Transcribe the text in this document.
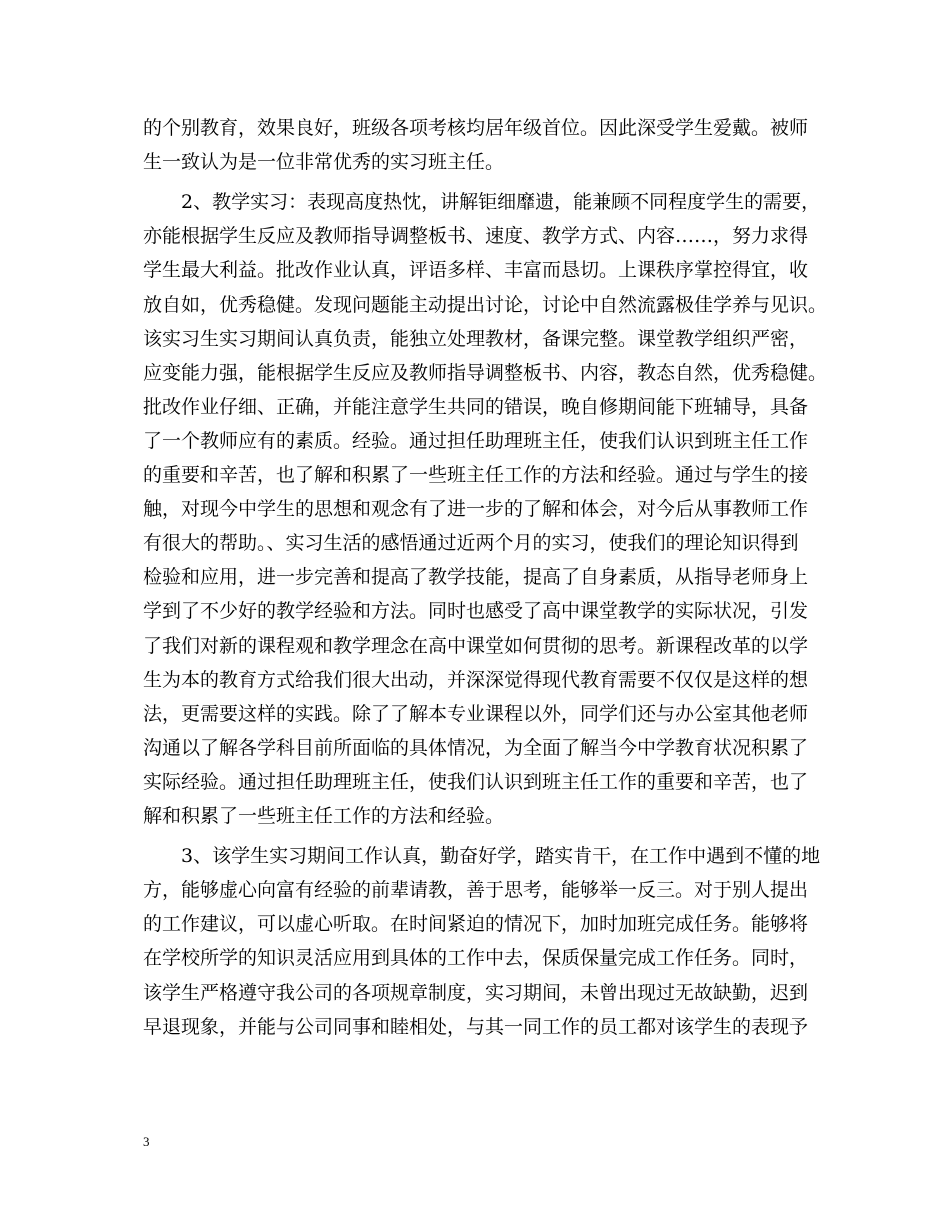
的个别教育，效果良好，班级各项考核均居年级首位。因此深受学生爱戴。被师
生一致认为是一位非常优秀的实习班主任。
　　2、教学实习：表现高度热忱，讲解钜细靡遗，能兼顾不同程度学生的需要，
亦能根据学生反应及教师指导调整板书、速度、教学方式、内容……，努力求得
学生最大利益。批改作业认真，评语多样、丰富而恳切。上课秩序掌控得宜，收
放自如，优秀稳健。发现问题能主动提出讨论，讨论中自然流露极佳学养与见识。
该实习生实习期间认真负责，能独立处理教材，备课完整。课堂教学组织严密，
应变能力强，能根据学生反应及教师指导调整板书、内容，教态自然，优秀稳健。
批改作业仔细、正确，并能注意学生共同的错误，晚自修期间能下班辅导，具备
了一个教师应有的素质。经验。通过担任助理班主任，使我们认识到班主任工作
的重要和辛苦，也了解和积累了一些班主任工作的方法和经验。通过与学生的接
触，对现今中学生的思想和观念有了进一步的了解和体会，对今后从事教师工作
有很大的帮助。、实习生活的感悟通过近两个月的实习，使我们的理论知识得到
检验和应用，进一步完善和提高了教学技能，提高了自身素质，从指导老师身上
学到了不少好的教学经验和方法。同时也感受了高中课堂教学的实际状况，引发
了我们对新的课程观和教学理念在高中课堂如何贯彻的思考。新课程改革的以学
生为本的教育方式给我们很大出动，并深深觉得现代教育需要不仅仅是这样的想
法，更需要这样的实践。除了了解本专业课程以外，同学们还与办公室其他老师
沟通以了解各学科目前所面临的具体情况，为全面了解当今中学教育状况积累了
实际经验。通过担任助理班主任，使我们认识到班主任工作的重要和辛苦，也了
解和积累了一些班主任工作的方法和经验。
　　3、该学生实习期间工作认真，勤奋好学，踏实肯干，在工作中遇到不懂的地
方，能够虚心向富有经验的前辈请教，善于思考，能够举一反三。对于别人提出
的工作建议，可以虚心听取。在时间紧迫的情况下，加时加班完成任务。能够将
在学校所学的知识灵活应用到具体的工作中去，保质保量完成工作任务。同时，
该学生严格遵守我公司的各项规章制度，实习期间，未曾出现过无故缺勤，迟到
早退现象，并能与公司同事和睦相处，与其一同工作的员工都对该学生的表现予
3
